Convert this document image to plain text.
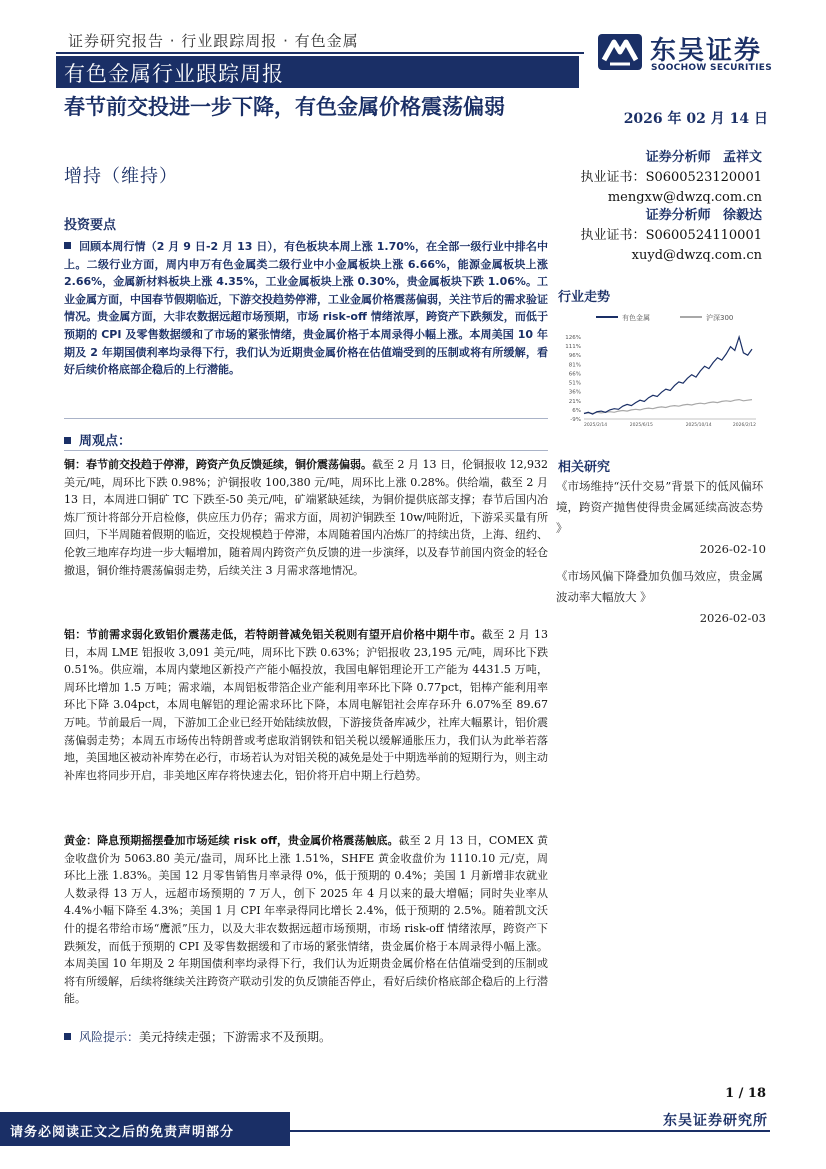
证券研究报告 · 行业跟踪周报 · 有色金属
有色金属行业跟踪周报
东吴证券
SOOCHOW SECURITIES
春节前交投进一步下降，有色金属价格震荡偏弱
增持（维持）
2026 年 02 月 14 日
证券分析师 孟祥文
执业证书：S0600523120001
mengxw@dwzq.com.cn
证券分析师 徐毅达
执业证书：S0600524110001
xuyd@dwzq.com.cn
行业走势
有色金属	沪深300
126%
111%
96%
81%
66%
51%
36%
21%
6%
-9%
2025/2/14	2025/6/15	2025/10/14	2026/2/12
相关研究
《市场维持“沃什交易”背景下的低风偏环境，跨资产抛售使得贵金属延续高波态势 》
2026-02-10
《市场风偏下降叠加负伽马效应，贵金属波动率大幅放大 》
2026-02-03
投资要点
回顾本周行情（2 月 9 日-2 月 13 日），有色板块本周上涨 1.70%，在全部一级行业中排名中上。二级行业方面，周内申万有色金属类二级行业中小金属板块上涨 6.66%，能源金属板块上涨 2.66%，金属新材料板块上涨 4.35%，工业金属板块上涨 0.30%，贵金属板块下跌 1.06%。工业金属方面，中国春节假期临近，下游交投趋势停滞，工业金属价格震荡偏弱，关注节后的需求验证情况。贵金属方面，大非农数据远超市场预期，市场 risk-off 情绪浓厚，跨资产下跌频发，而低于预期的 CPI 及零售数据缓和了市场的紧张情绪，贵金属价格于本周录得小幅上涨。本周美国 10 年期及 2 年期国债利率均录得下行，我们认为近期贵金属价格在估值端受到的压制或将有所缓解，看好后续价格底部企稳后的上行潜能。
周观点：
铜：春节前交投趋于停滞，跨资产负反馈延续，铜价震荡偏弱。截至 2 月 13 日，伦铜报收 12,932 美元/吨，周环比下跌 0.98%；沪铜报收 100,380 元/吨，周环比上涨 0.28%。供给端，截至 2 月 13 日，本周进口铜矿 TC 下跌至-50 美元/吨，矿端紧缺延续，为铜价提供底部支撑；春节后国内冶炼厂预计将部分开启检修，供应压力仍存；需求方面，周初沪铜跌至 10w/吨附近，下游采买量有所回归，下半周随着假期的临近，交投规模趋于停滞，本周随着国内冶炼厂的持续出货，上海、纽约、伦敦三地库存均进一步大幅增加，随着周内跨资产负反馈的进一步演绎，以及春节前国内资金的轻仓撤退，铜价维持震荡偏弱走势，后续关注 3 月需求落地情况。
铝：节前需求弱化致铝价震荡走低，若特朗普减免铝关税则有望开启价格中期牛市。截至 2 月 13 日，本周 LME 铝报收 3,091 美元/吨，周环比下跌 0.63%；沪铝报收 23,195 元/吨，周环比下跌 0.51%。供应端，本周内蒙地区新投产产能小幅投放，我国电解铝理论开工产能为 4431.5 万吨，周环比增加 1.5 万吨；需求端，本周铝板带箔企业产能利用率环比下降 0.77pct，铝棒产能利用率环比下降 3.04pct，本周电解铝的理论需求环比下降，本周电解铝社会库存环升 6.07%至 89.67 万吨。节前最后一周，下游加工企业已经开始陆续放假，下游接货备库减少，社库大幅累计，铝价震荡偏弱走势；本周五市场传出特朗普或考虑取消钢铁和铝关税以缓解通胀压力，我们认为此举若落地，美国地区被动补库势在必行，市场若认为对铝关税的减免是处于中期选举前的短期行为，则主动补库也将同步开启，非美地区库存将快速去化，铝价将开启中期上行趋势。
黄金：降息预期摇摆叠加市场延续 risk off，贵金属价格震荡触底。截至 2 月 13 日，COMEX 黄金收盘价为 5063.80 美元/盎司，周环比上涨 1.51%，SHFE 黄金收盘价为 1110.10 元/克，周环比上涨 1.83%。美国 12 月零售销售月率录得 0%，低于预期的 0.4%；美国 1 月新增非农就业人数录得 13 万人，远超市场预期的 7 万人，创下 2025 年 4 月以来的最大增幅；同时失业率从 4.4%小幅下降至 4.3%；美国 1 月 CPI 年率录得同比增长 2.4%，低于预期的 2.5%。随着凯文沃什的提名带给市场“鹰派”压力，以及大非农数据远超市场预期，市场 risk-off 情绪浓厚，跨资产下跌频发，而低于预期的 CPI 及零售数据缓和了市场的紧张情绪，贵金属价格于本周录得小幅上涨。本周美国 10 年期及 2 年期国债利率均录得下行，我们认为近期贵金属价格在估值端受到的压制或将有所缓解，后续将继续关注跨资产联动引发的负反馈能否停止，看好后续价格底部企稳后的上行潜能。
风险提示：美元持续走强；下游需求不及预期。
1 / 18
请务必阅读正文之后的免责声明部分
东吴证券研究所
